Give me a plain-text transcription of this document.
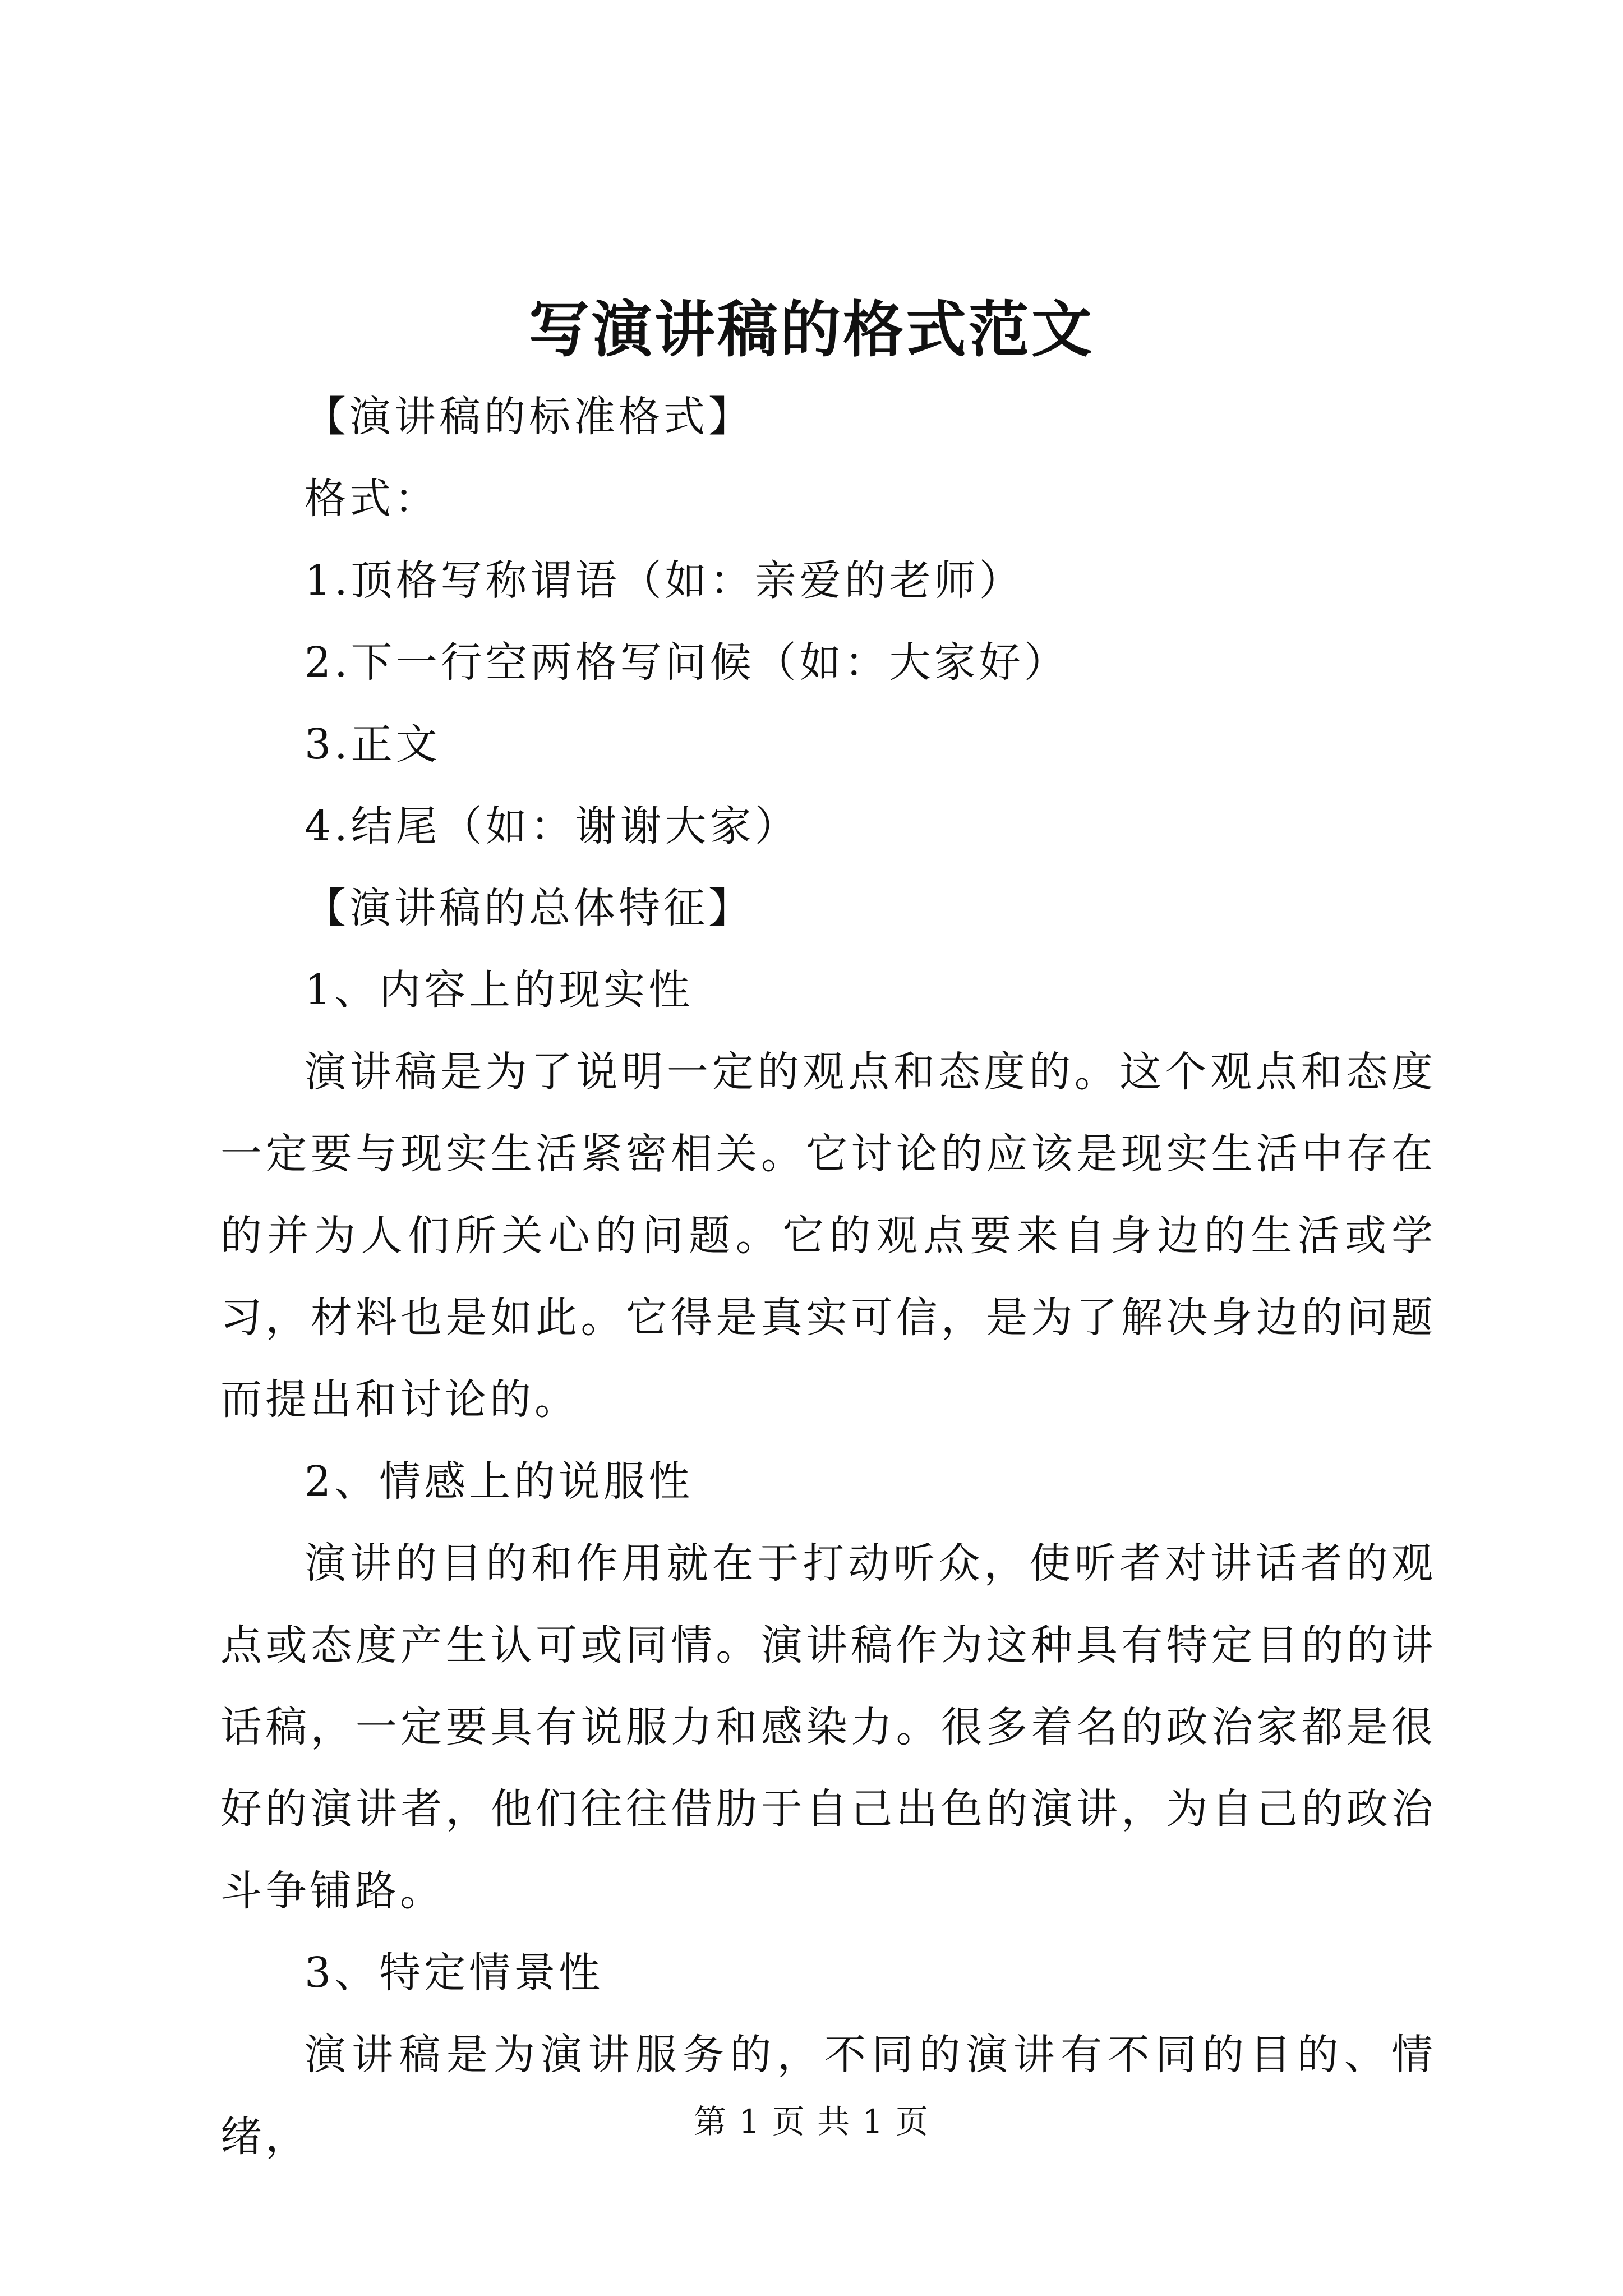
写演讲稿的格式范文

【演讲稿的标准格式】

格式：

1.顶格写称谓语（如：亲爱的老师）

2.下一行空两格写问候（如：大家好）

3.正文

4.结尾（如：谢谢大家）

【演讲稿的总体特征】

1、内容上的现实性

演讲稿是为了说明一定的观点和态度的。这个观点和态度一定要与现实生活紧密相关。它讨论的应该是现实生活中存在的并为人们所关心的问题。它的观点要来自身边的生活或学习，材料也是如此。它得是真实可信，是为了解决身边的问题而提出和讨论的。

2、情感上的说服性

演讲的目的和作用就在于打动听众，使听者对讲话者的观点或态度产生认可或同情。演讲稿作为这种具有特定目的的讲话稿，一定要具有说服力和感染力。很多着名的政治家都是很好的演讲者，他们往往借肋于自己出色的演讲，为自己的政治斗争铺路。

3、特定情景性

演讲稿是为演讲服务的，不同的演讲有不同的目的、情绪，	第 1 页 共 1 页
